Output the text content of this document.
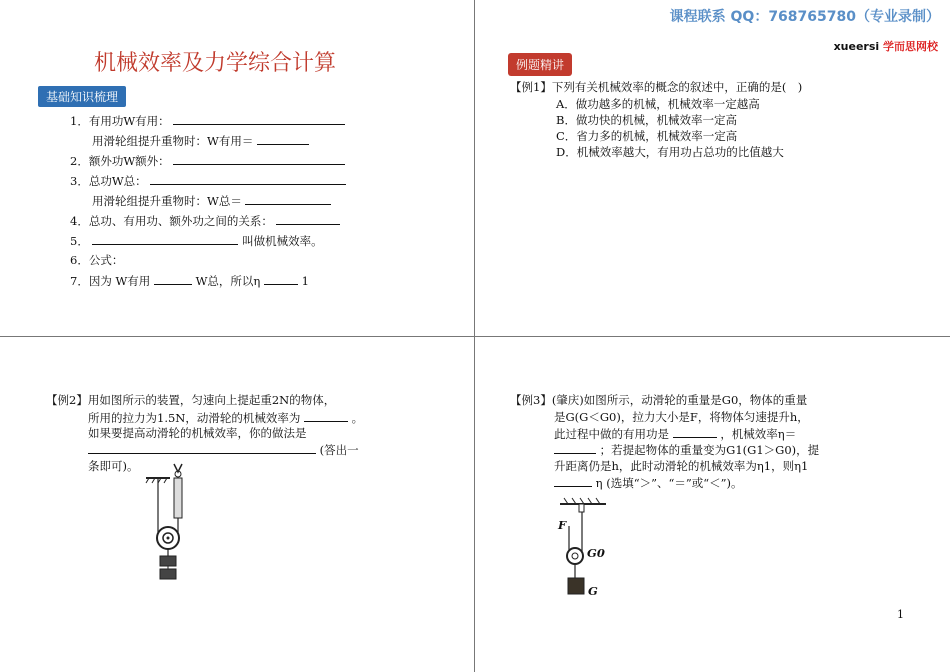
课程联系 QQ：768765780（专业录制）
xueersi 学而思网校
机械效率及力学综合计算
基础知识梳理
1．有用功W有用：
用滑轮组提升重物时：W有用＝
2．额外功W额外：
3．总功W总：
用滑轮组提升重物时：W总＝
4．总功、有用功、额外功之间的关系：
5．	叫做机械效率。
6．公式：
7．因为 W有用	W总，所以η	1
例题精讲
【例1】下列有关机械效率的概念的叙述中，正确的是(　)
A．做功越多的机械，机械效率一定越高
B．做功快的机械，机械效率一定高
C．省力多的机械，机械效率一定高
D．机械效率越大，有用功占总功的比值越大
【例2】用如图所示的装置，匀速向上提起重2N的物体，
所用的拉力为1.5N，动滑轮的机械效率为	。
如果要提高动滑轮的机械效率，你的做法是
(答出一
条即可)。
【例3】(肇庆)如图所示，动滑轮的重量是G0，物体的重量
是G(G＜G0)，拉力大小是F，将物体匀速提升h，
此过程中做的有用功是	，机械效率η＝
；若提起物体的重量变为G1(G1＞G0)，提
升距离仍是h，此时动滑轮的机械效率为η1，则η1
η (选填“＞”、“＝”或“＜”)。
F
G0
G
1
